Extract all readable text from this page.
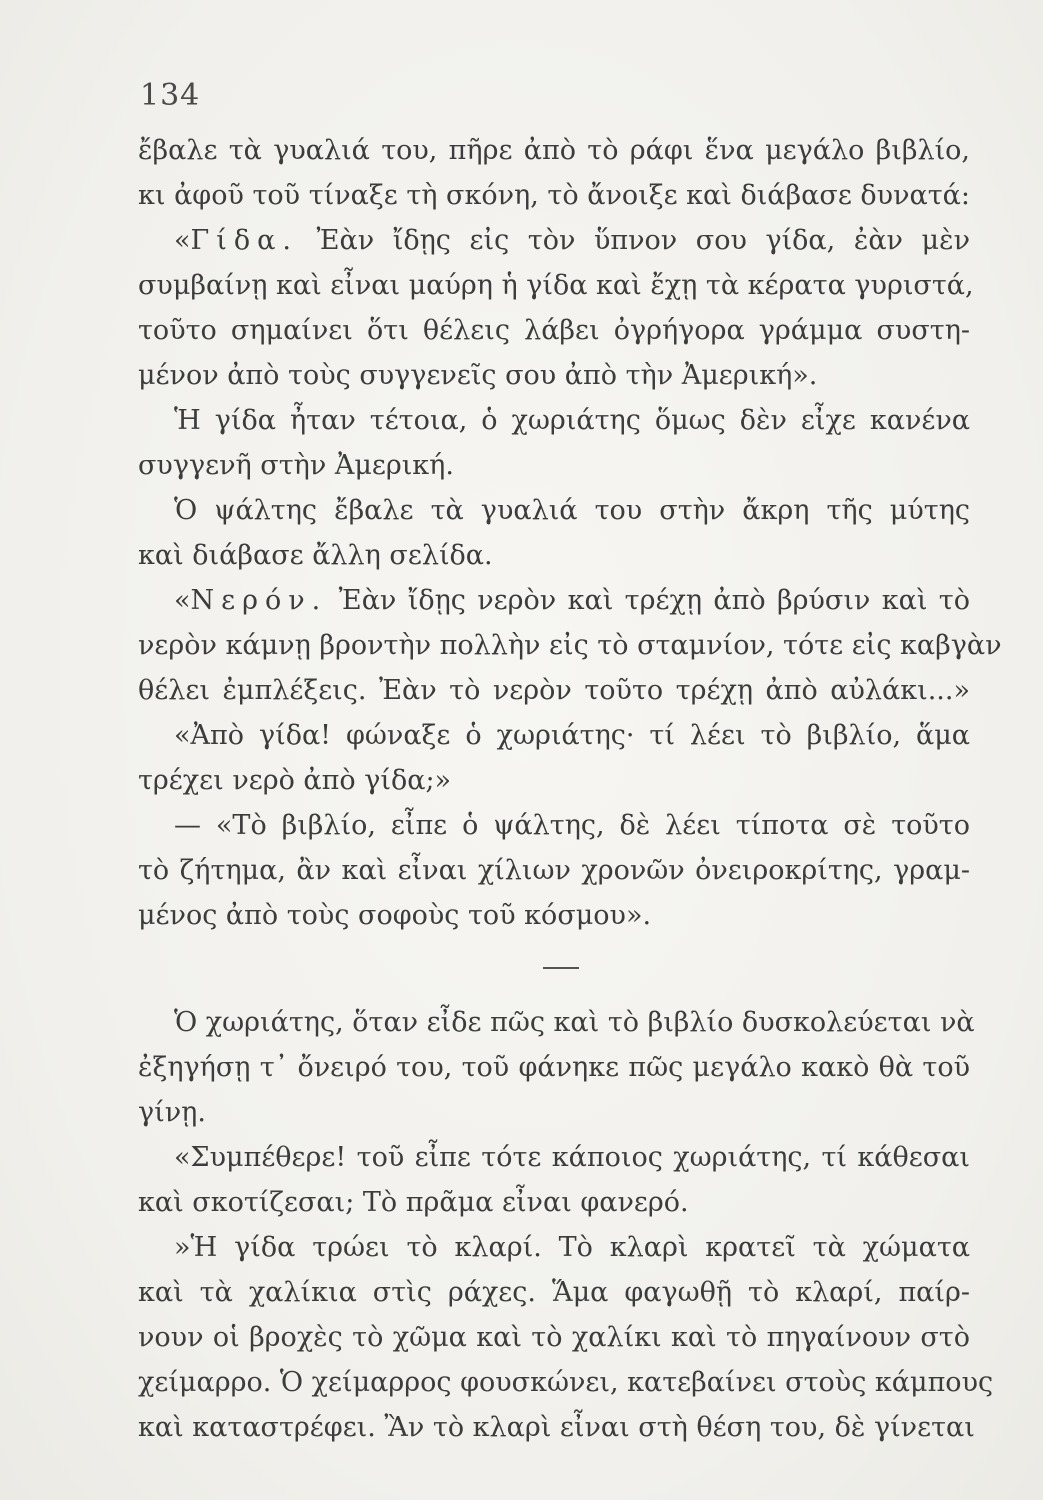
134
ἔβαλε τὰ γυαλιά του, πῆρε ἀπὸ τὸ ράφι ἕνα μεγάλο βιβλίο,
κι ἀφοῦ τοῦ τίναξε τὴ σκόνη, τὸ ἄνοιξε καὶ διάβασε δυνατά:
«Γίδα. Ἐὰν ἴδῃς εἰς τὸν ὕπνον σου γίδα, ἐὰν μὲν
συμβαίνῃ καὶ εἶναι μαύρη ἡ γίδα καὶ ἔχῃ τὰ κέρατα γυριστά,
τοῦτο σημαίνει ὅτι θέλεις λάβει ὀγρήγορα γράμμα συστη-
μένον ἀπὸ τοὺς συγγενεῖς σου ἀπὸ τὴν Ἀμερική».
Ἡ γίδα ἦταν τέτοια, ὁ χωριάτης ὅμως δὲν εἶχε κανένα
συγγενῆ στὴν Ἀμερική.
Ὁ ψάλτης ἔβαλε τὰ γυαλιά του στὴν ἄκρη τῆς μύτης
καὶ διάβασε ἄλλη σελίδα.
«Νερόν. Ἐὰν ἴδῃς νερὸν καὶ τρέχῃ ἀπὸ βρύσιν καὶ τὸ
νερὸν κάμνῃ βροντὴν πολλὴν εἰς τὸ σταμνίον, τότε εἰς καβγὰν
θέλει ἐμπλέξεις. Ἐὰν τὸ νερὸν τοῦτο τρέχῃ ἀπὸ αὐλάκι...»
«Ἀπὸ γίδα! φώναξε ὁ χωριάτης· τί λέει τὸ βιβλίο, ἅμα
τρέχει νερὸ ἀπὸ γίδα;»
— «Τὸ βιβλίο, εἶπε ὁ ψάλτης, δὲ λέει τίποτα σὲ τοῦτο
τὸ ζήτημα, ἂν καὶ εἶναι χίλιων χρονῶν ὀνειροκρίτης, γραμ-
μένος ἀπὸ τοὺς σοφοὺς τοῦ κόσμου».
Ὁ χωριάτης, ὅταν εἶδε πῶς καὶ τὸ βιβλίο δυσκολεύεται νὰ
ἐξηγήσῃ τ᾽ ὄνειρό του, τοῦ φάνηκε πῶς μεγάλο κακὸ θὰ τοῦ
γίνῃ.
«Συμπέθερε! τοῦ εἶπε τότε κάποιος χωριάτης, τί κάθεσαι
καὶ σκοτίζεσαι; Τὸ πρᾶμα εἶναι φανερό.
»Ἡ γίδα τρώει τὸ κλαρί. Τὸ κλαρὶ κρατεῖ τὰ χώματα
καὶ τὰ χαλίκια στὶς ράχες. Ἅμα φαγωθῇ τὸ κλαρί, παίρ-
νουν οἱ βροχὲς τὸ χῶμα καὶ τὸ χαλίκι καὶ τὸ πηγαίνουν στὸ
χείμαρρο. Ὁ χείμαρρος φουσκώνει, κατεβαίνει στοὺς κάμπους
καὶ καταστρέφει. Ἂν τὸ κλαρὶ εἶναι στὴ θέση του, δὲ γίνεται
